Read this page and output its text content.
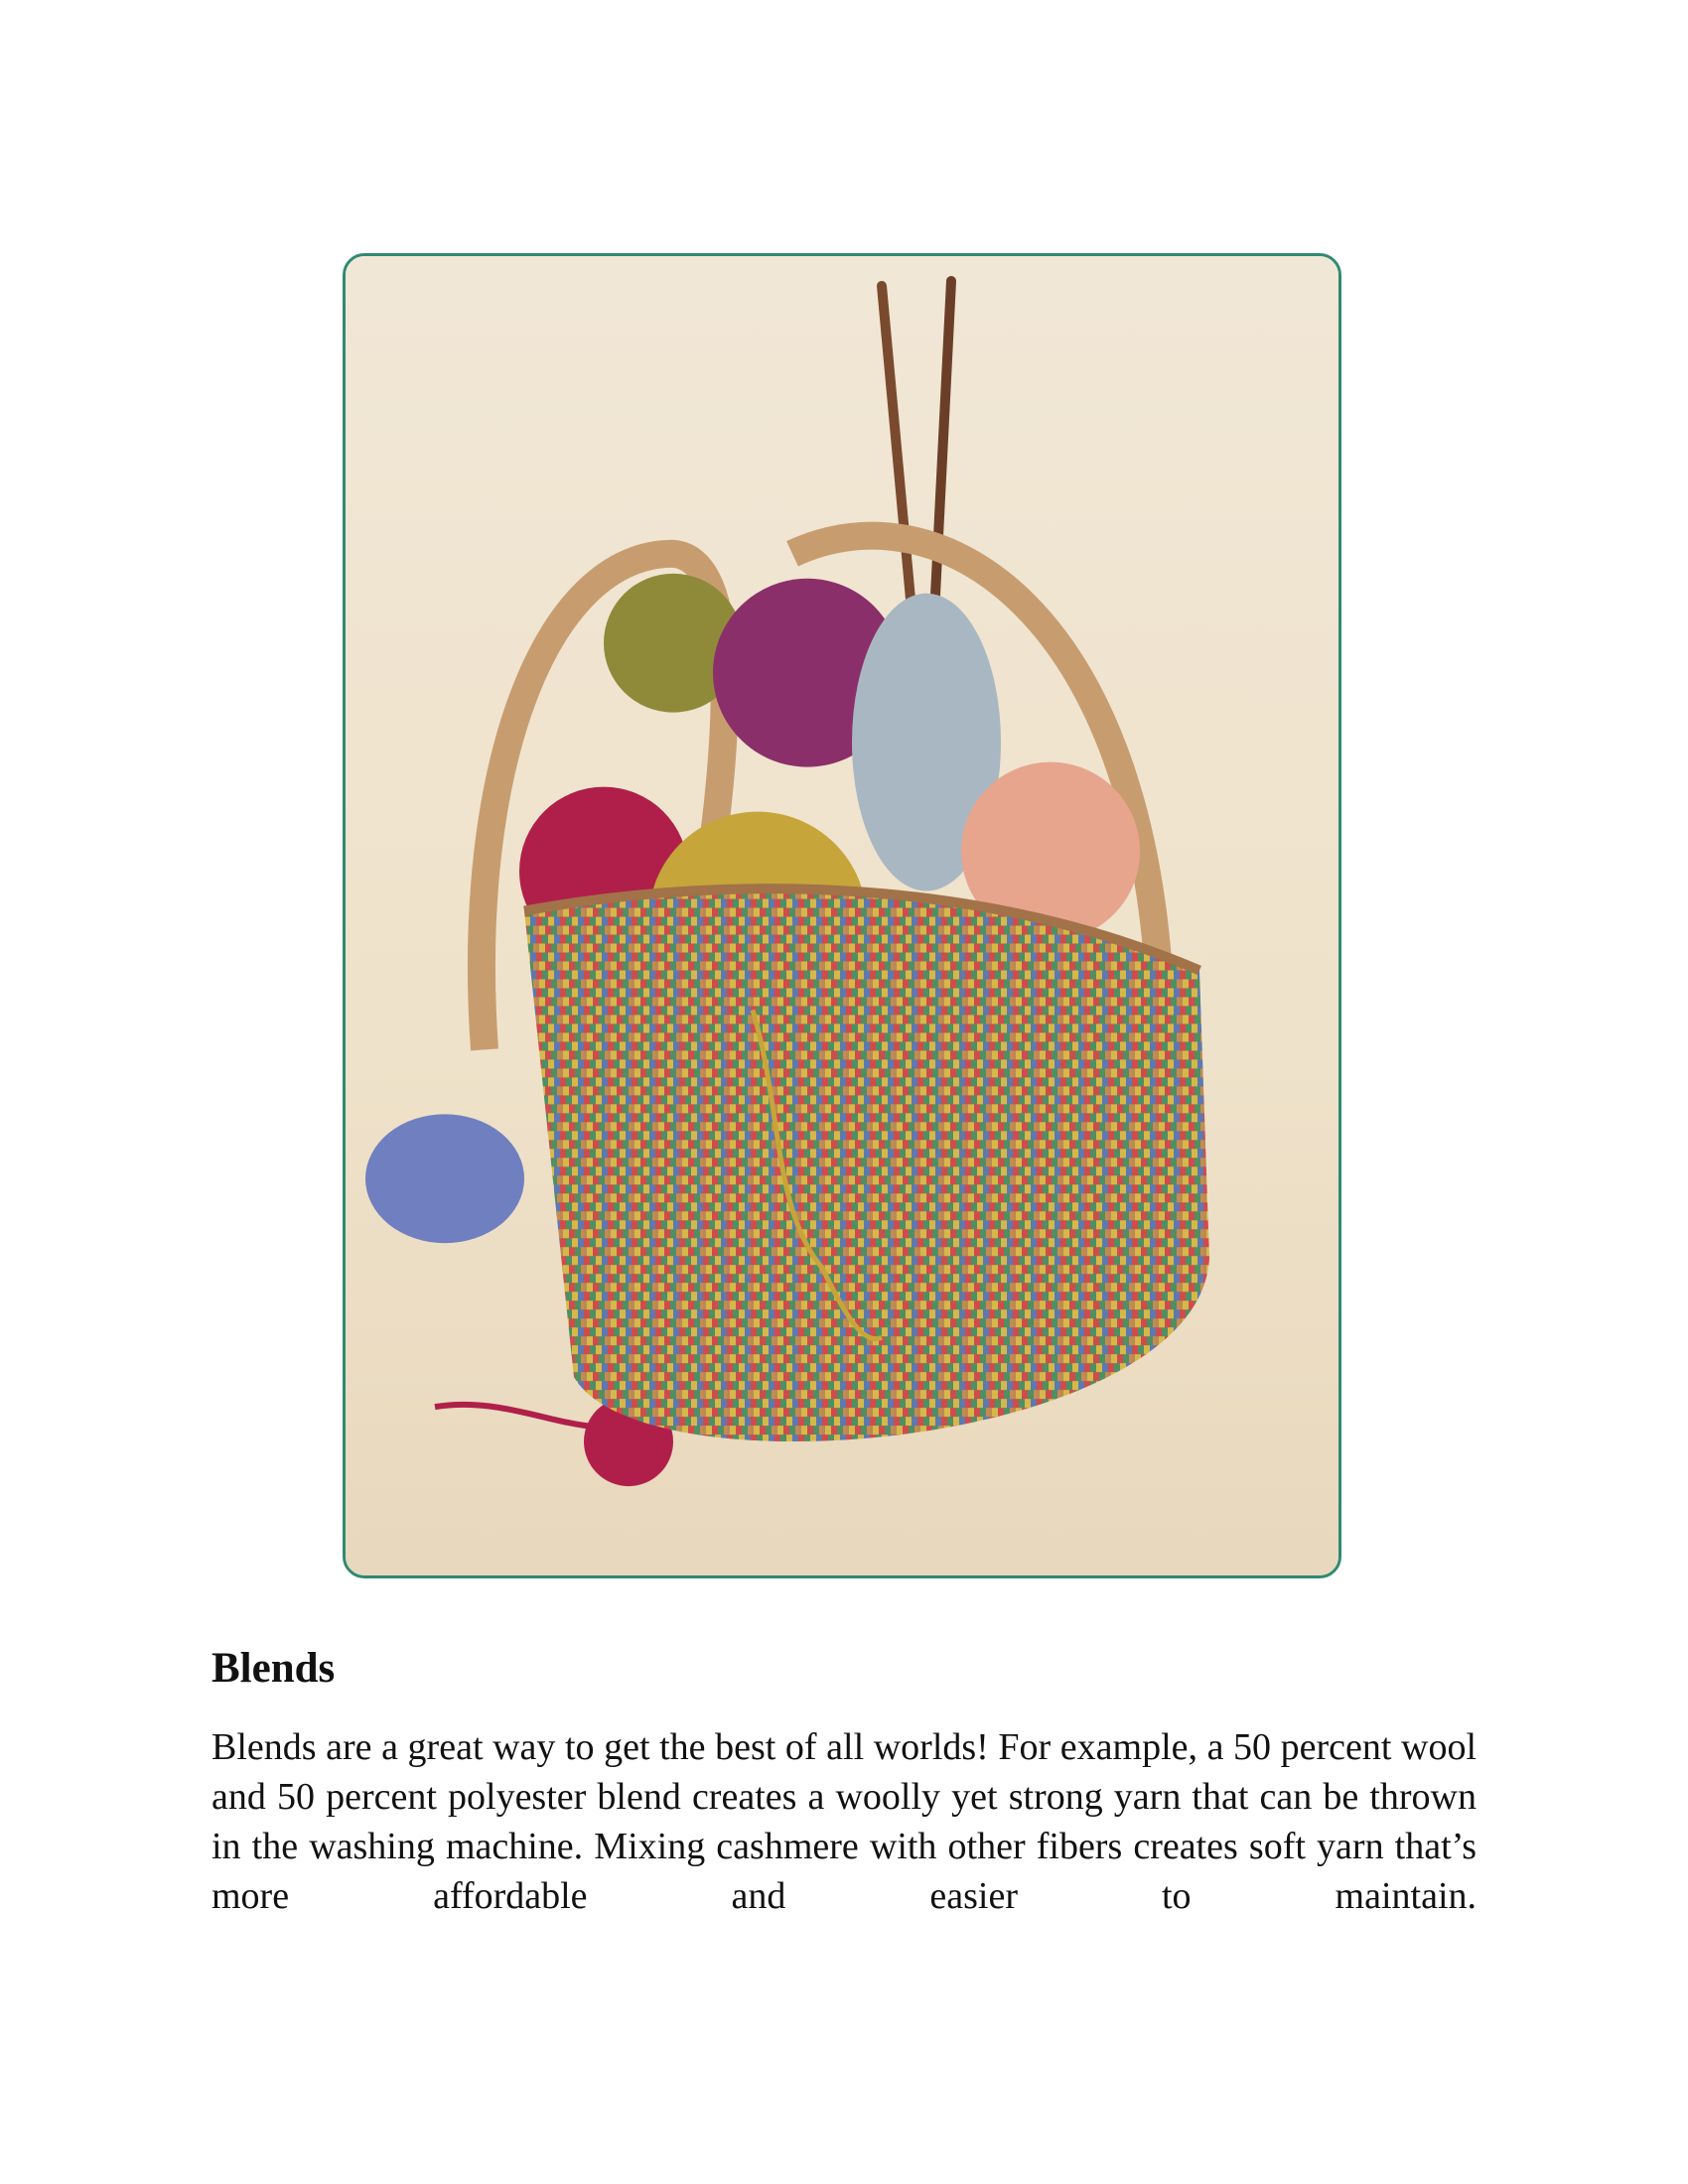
Blends

Blends are a great way to get the best of all worlds! For example, a 50 percent wool and 50 percent polyester blend creates a woolly yet strong yarn that can be thrown in the washing machine. Mixing cashmere with other fibers creates soft yarn that’s more affordable and easier to maintain.
